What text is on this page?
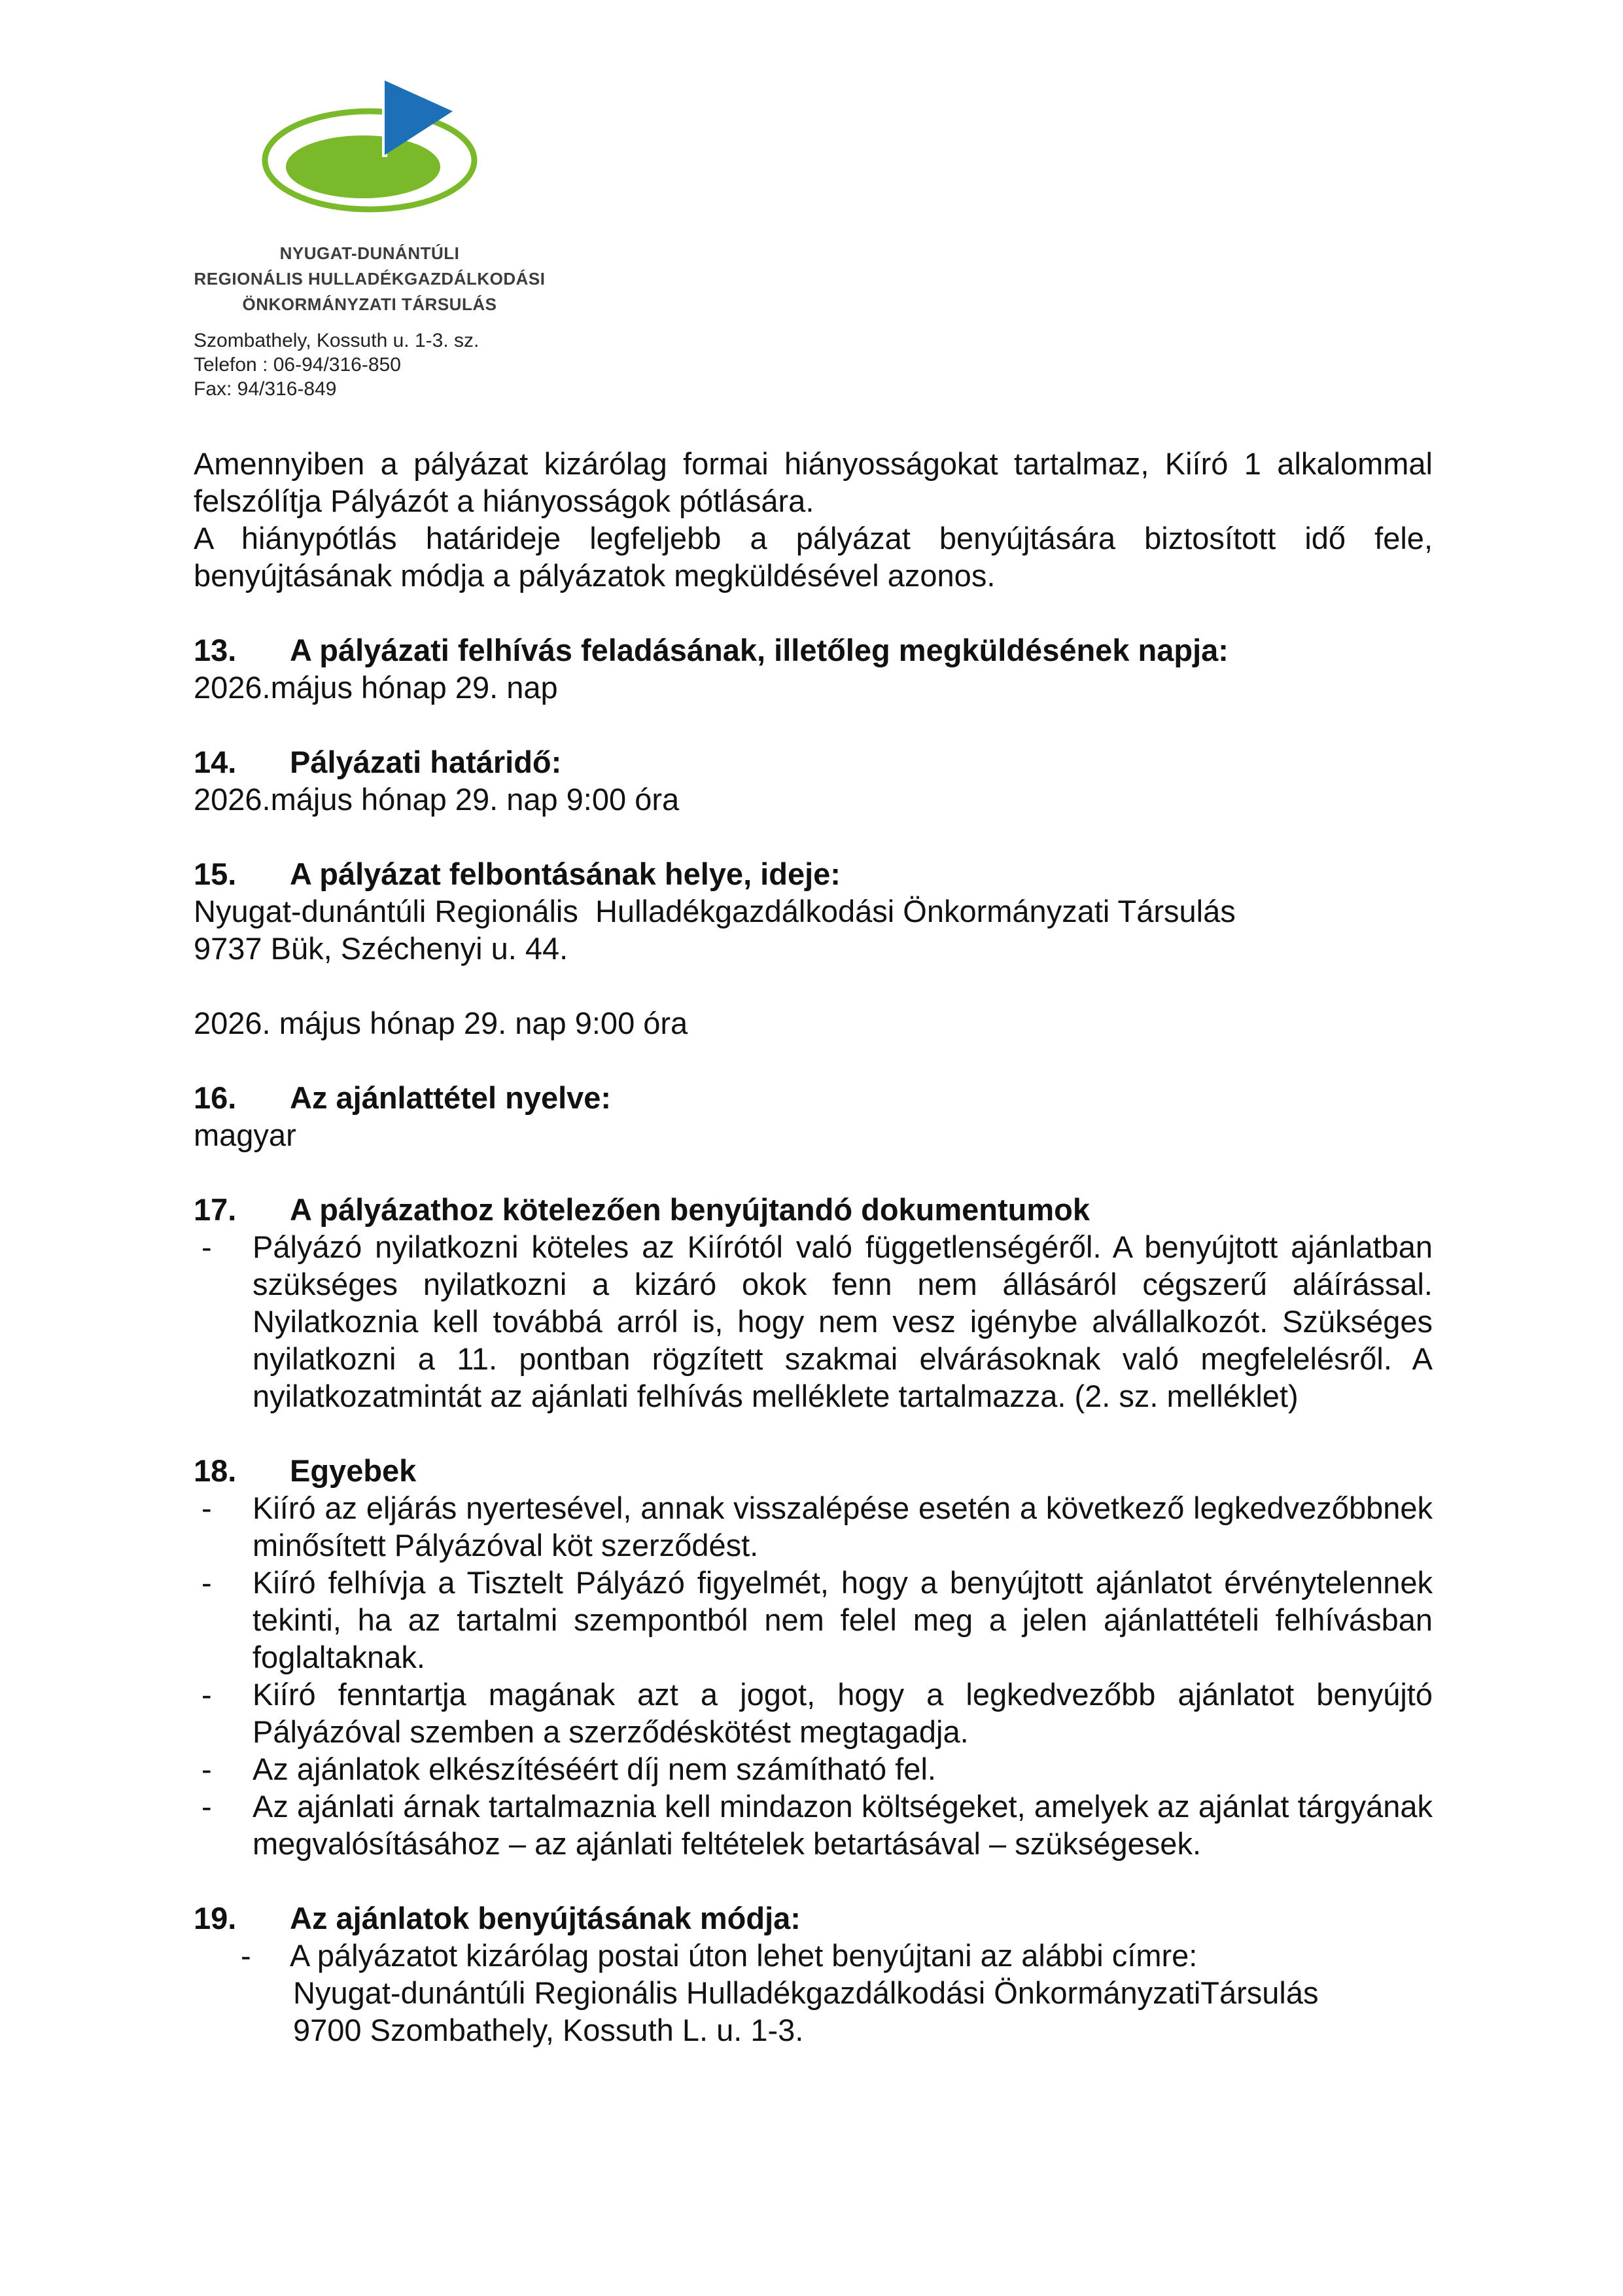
NYUGAT-DUNÁNTÚLI
REGIONÁLIS HULLADÉKGAZDÁLKODÁSI
ÖNKORMÁNYZATI TÁRSULÁS
Szombathely, Kossuth u. 1-3. sz.
Telefon : 06-94/316-850
Fax: 94/316-849
Amennyiben a pályázat kizárólag formai hiányosságokat tartalmaz, Kiíró 1 alkalommal felszólítja Pályázót a hiányosságok pótlására.
A hiánypótlás határideje legfeljebb a pályázat benyújtására biztosított idő fele, benyújtásának módja a pályázatok megküldésével azonos.
13.	A pályázati felhívás feladásának, illetőleg megküldésének napja:
2026.május hónap 29. nap
14.	Pályázati határidő:
2026.május hónap 29. nap 9:00 óra
15.	A pályázat felbontásának helye, ideje:
Nyugat-dunántúli Regionális  Hulladékgazdálkodási Önkormányzati Társulás
9737 Bük, Széchenyi u. 44.
2026. május hónap 29. nap 9:00 óra
16.	Az ajánlattétel nyelve:
magyar
17.	A pályázathoz kötelezően benyújtandó dokumentumok
-	Pályázó nyilatkozni köteles az Kiírótól való függetlenségéről. A benyújtott ajánlatban szükséges nyilatkozni a kizáró okok fenn nem állásáról cégszerű aláírással. Nyilatkoznia kell továbbá arról is, hogy nem vesz igénybe alvállalkozót. Szükséges nyilatkozni a 11. pontban rögzített szakmai elvárásoknak való megfelelésről. A nyilatkozatmintát az ajánlati felhívás melléklete tartalmazza. (2. sz. melléklet)
18.	Egyebek
-	Kiíró az eljárás nyertesével, annak visszalépése esetén a következő legkedvezőbbnek minősített Pályázóval köt szerződést.
-	Kiíró felhívja a Tisztelt Pályázó figyelmét, hogy a benyújtott ajánlatot érvénytelennek tekinti, ha az tartalmi szempontból nem felel meg a jelen ajánlattételi felhívásban foglaltaknak.
-	Kiíró fenntartja magának azt a jogot, hogy a legkedvezőbb ajánlatot benyújtó Pályázóval szemben a szerződéskötést megtagadja.
-	Az ajánlatok elkészítéséért díj nem számítható fel.
-	Az ajánlati árnak tartalmaznia kell mindazon költségeket, amelyek az ajánlat tárgyának megvalósításához – az ajánlati feltételek betartásával – szükségesek.
19.	Az ajánlatok benyújtásának módja:
-	A pályázatot kizárólag postai úton lehet benyújtani az alábbi címre:
Nyugat-dunántúli Regionális Hulladékgazdálkodási ÖnkormányzatiTársulás
9700 Szombathely, Kossuth L. u. 1-3.
